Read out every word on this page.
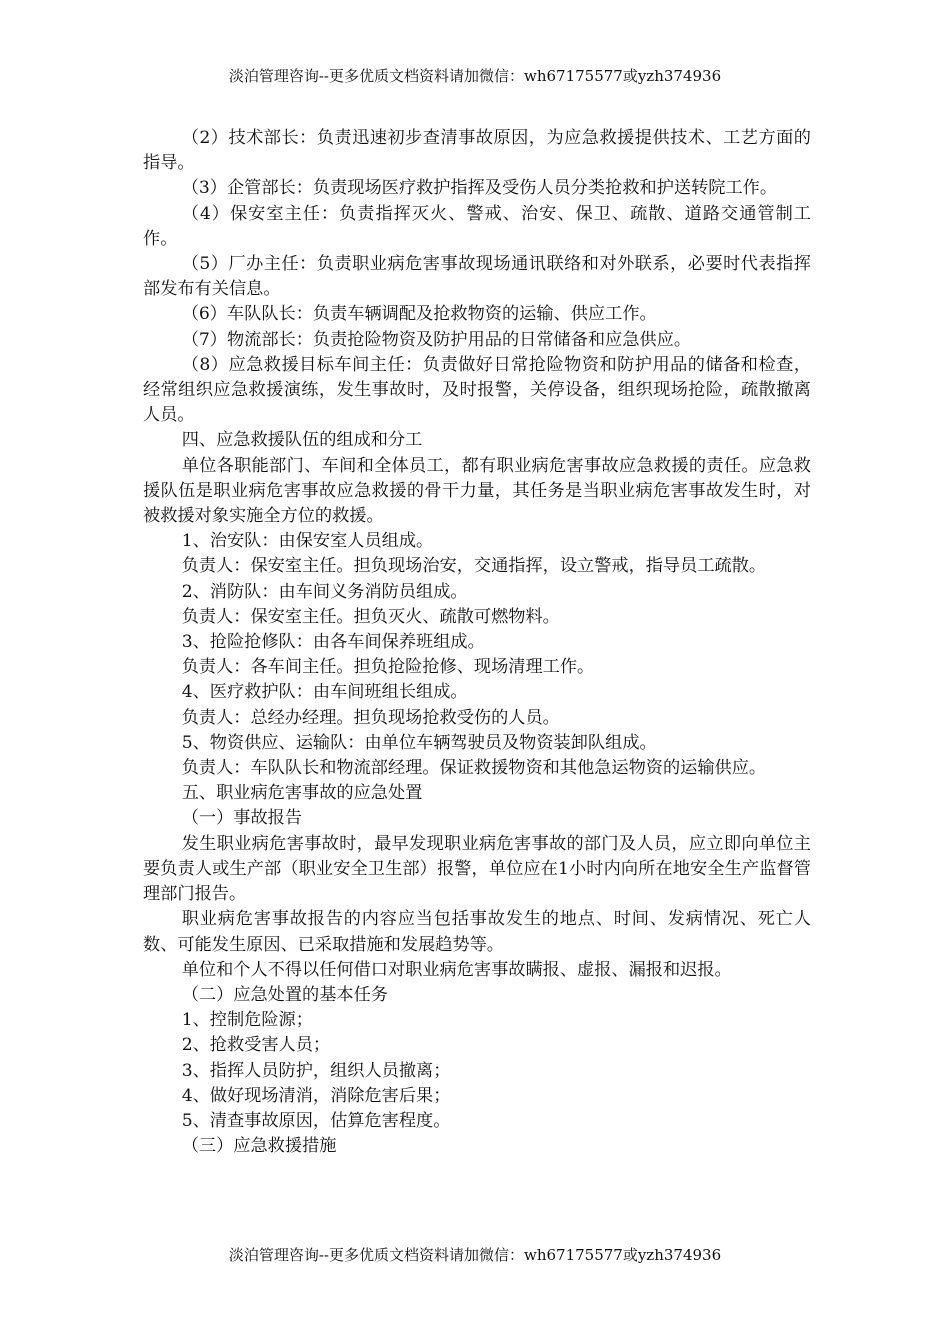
淡泊管理咨询--更多优质文档资料请加微信：wh67175577或yzh374936

（2）技术部长：负责迅速初步查清事故原因，为应急救援提供技术、工艺方面的指导。

（3）企管部长：负责现场医疗救护指挥及受伤人员分类抢救和护送转院工作。

（4）保安室主任：负责指挥灭火、警戒、治安、保卫、疏散、道路交通管制工作。

（5）厂办主任：负责职业病危害事故现场通讯联络和对外联系，必要时代表指挥部发布有关信息。

（6）车队队长：负责车辆调配及抢救物资的运输、供应工作。

（7）物流部长：负责抢险物资及防护用品的日常储备和应急供应。

（8）应急救援目标车间主任：负责做好日常抢险物资和防护用品的储备和检查，经常组织应急救援演练，发生事故时，及时报警，关停设备，组织现场抢险，疏散撤离人员。

四、应急救援队伍的组成和分工

单位各职能部门、车间和全体员工，都有职业病危害事故应急救援的责任。应急救援队伍是职业病危害事故应急救援的骨干力量，其任务是当职业病危害事故发生时，对被救援对象实施全方位的救援。

1、治安队：由保安室人员组成。

负责人：保安室主任。担负现场治安，交通指挥，设立警戒，指导员工疏散。

2、消防队：由车间义务消防员组成。

负责人：保安室主任。担负灭火、疏散可燃物料。

3、抢险抢修队：由各车间保养班组成。

负责人：各车间主任。担负抢险抢修、现场清理工作。

4、医疗救护队：由车间班组长组成。

负责人：总经办经理。担负现场抢救受伤的人员。

5、物资供应、运输队：由单位车辆驾驶员及物资装卸队组成。

负责人：车队队长和物流部经理。保证救援物资和其他急运物资的运输供应。

五、职业病危害事故的应急处置

（一）事故报告

发生职业病危害事故时，最早发现职业病危害事故的部门及人员，应立即向单位主要负责人或生产部（职业安全卫生部）报警，单位应在1小时内向所在地安全生产监督管理部门报告。

职业病危害事故报告的内容应当包括事故发生的地点、时间、发病情况、死亡人数、可能发生原因、已采取措施和发展趋势等。

单位和个人不得以任何借口对职业病危害事故瞒报、虚报、漏报和迟报。

（二）应急处置的基本任务

1、控制危险源；

2、抢救受害人员；

3、指挥人员防护，组织人员撤离；

4、做好现场清消，消除危害后果；

5、清查事故原因，估算危害程度。

（三）应急救援措施

淡泊管理咨询--更多优质文档资料请加微信：wh67175577或yzh374936
